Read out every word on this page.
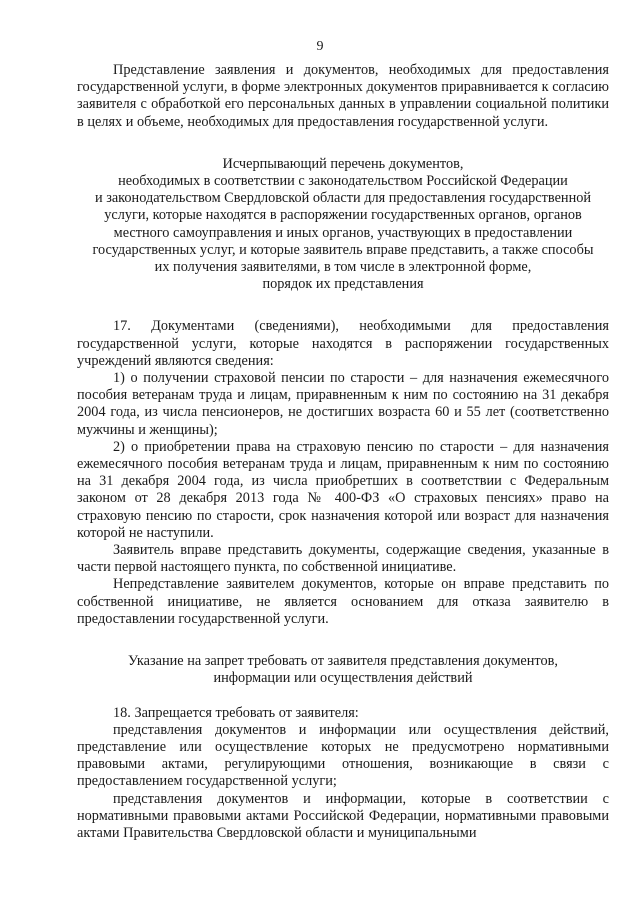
9

Представление заявления и документов, необходимых для предоставления государственной услуги, в форме электронных документов приравнивается к согласию заявителя с обработкой его персональных данных в управлении социальной политики в целях и объеме, необходимых для предоставления государственной услуги.

Исчерпывающий перечень документов,

необходимых в соответствии с законодательством Российской Федерации

и законодательством Свердловской области для предоставления государственной

услуги, которые находятся в распоряжении государственных органов, органов

местного самоуправления и иных органов, участвующих в предоставлении

государственных услуг, и которые заявитель вправе представить, а также способы

их получения заявителями, в том числе в электронной форме,

порядок их представления

17. Документами (сведениями), необходимыми для предоставления государственной услуги, которые находятся в распоряжении государственных учреждений являются сведения:

1) о получении страховой пенсии по старости – для назначения ежемесячного пособия ветеранам труда и лицам, приравненным к ним по состоянию на 31 декабря 2004 года, из числа пенсионеров, не достигших возраста 60 и 55 лет (соответственно мужчины и женщины);

2) о приобретении права на страховую пенсию по старости – для назначения ежемесячного пособия ветеранам труда и лицам, приравненным к ним по состоянию на 31 декабря 2004 года, из числа приобретших в соответствии с Федеральным законом от 28 декабря 2013 года № 400-ФЗ «О страховых пенсиях» право на страховую пенсию по старости, срок назначения которой или возраст для назначения которой не наступили.

Заявитель вправе представить документы, содержащие сведения, указанные в части первой настоящего пункта, по собственной инициативе.

Непредставление заявителем документов, которые он вправе представить по собственной инициативе, не является основанием для отказа заявителю в предоставлении государственной услуги.

Указание на запрет требовать от заявителя представления документов,

информации или осуществления действий

18. Запрещается требовать от заявителя:

представления документов и информации или осуществления действий, представление или осуществление которых не предусмотрено нормативными правовыми актами, регулирующими отношения, возникающие в связи с предоставлением государственной услуги;

представления документов и информации, которые в соответствии с нормативными правовыми актами Российской Федерации, нормативными правовыми актами Правительства Свердловской области и муниципальными
